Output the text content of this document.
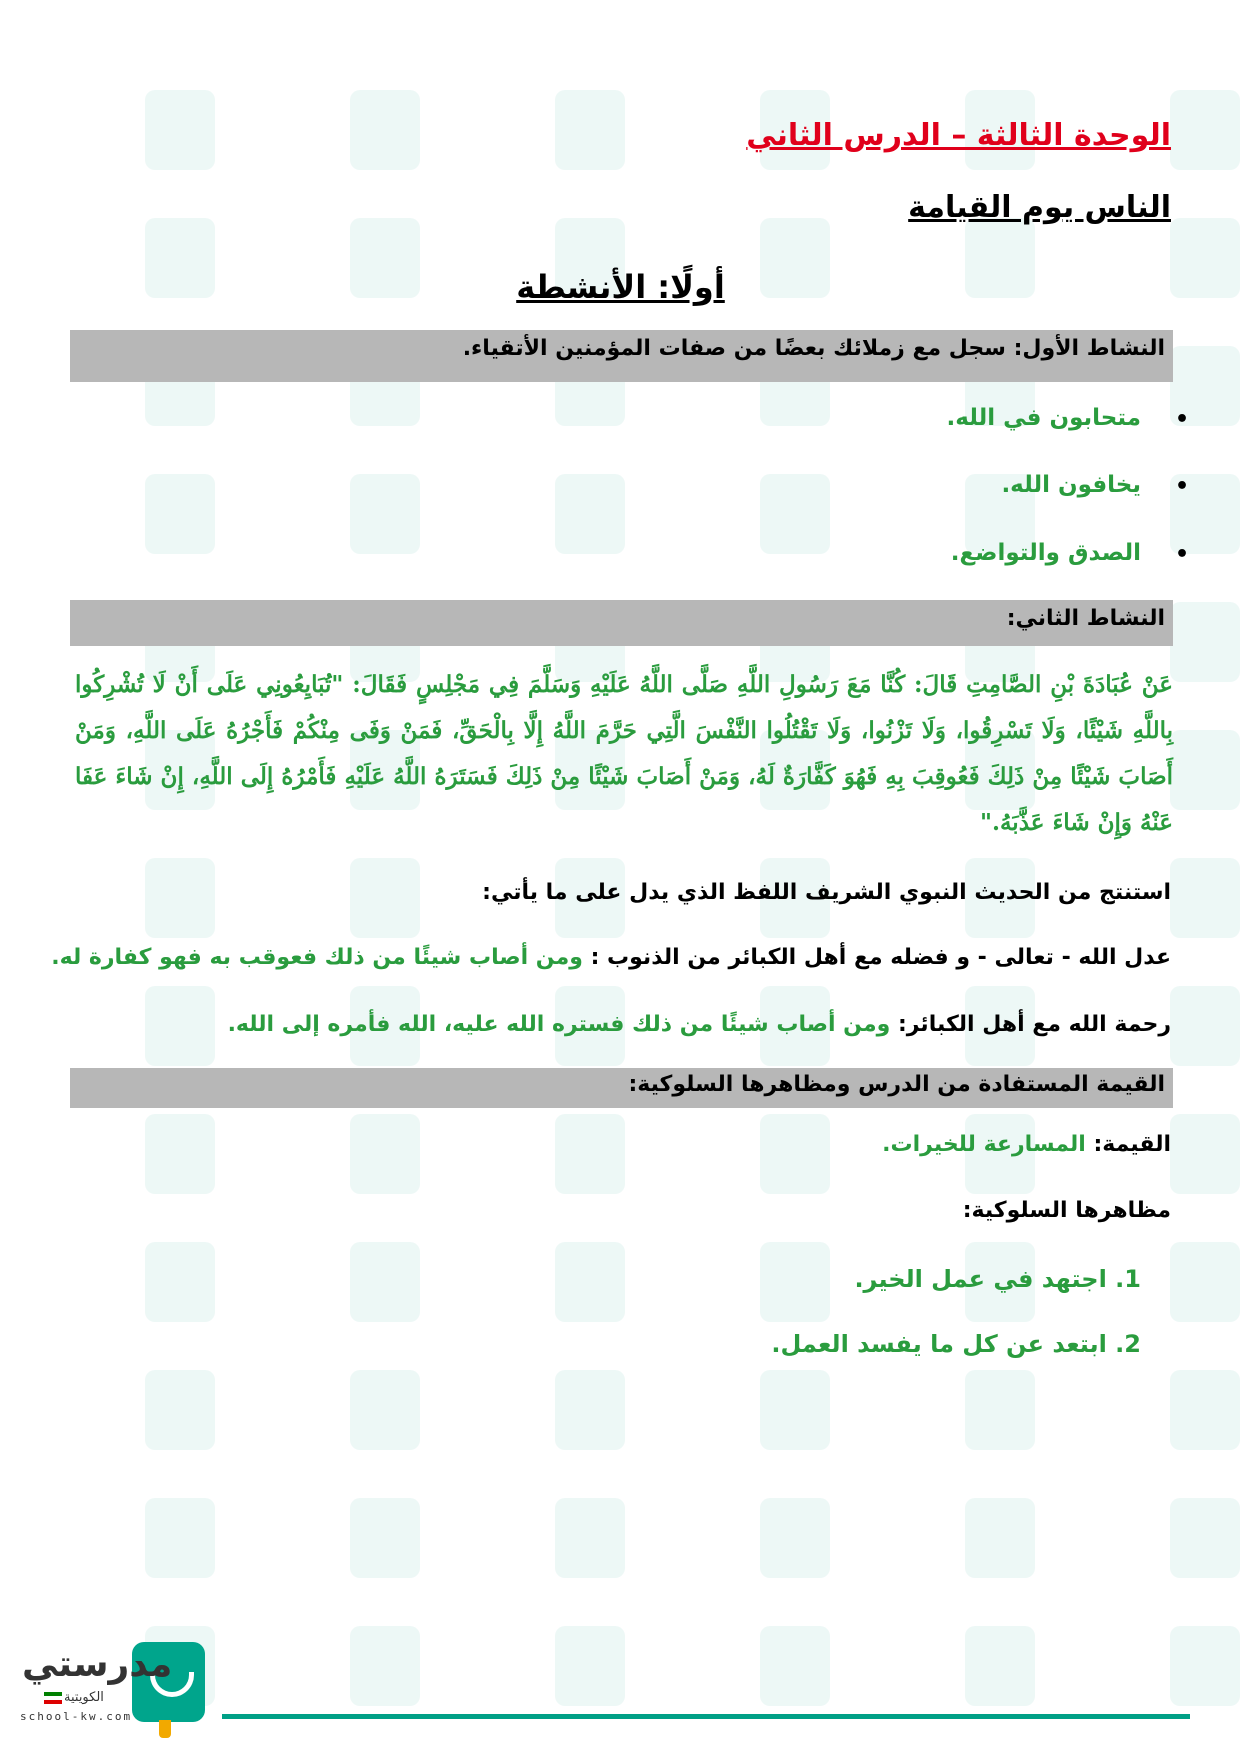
الوحدة الثالثة – الدرس الثاني
الناس يوم القيامة
أولًا: الأنشطة
النشاط الأول: سجل مع زملائك بعضًا من صفات المؤمنين الأتقياء.
•
متحابون في الله.
•
يخافون الله.
•
الصدق والتواضع.
النشاط الثاني:
عَنْ عُبَادَةَ بْنِ الصَّامِتِ قَالَ: كُنَّا مَعَ رَسُولِ اللَّهِ صَلَّى اللَّهُ عَلَيْهِ وَسَلَّمَ فِي مَجْلِسٍ فَقَالَ: "تُبَايِعُونِي عَلَى أَنْ لَا تُشْرِكُوا بِاللَّهِ شَيْئًا، وَلَا تَسْرِقُوا، وَلَا تَزْنُوا، وَلَا تَقْتُلُوا النَّفْسَ الَّتِي حَرَّمَ اللَّهُ إِلَّا بِالْحَقِّ، فَمَنْ وَفَى مِنْكُمْ فَأَجْرُهُ عَلَى اللَّهِ، وَمَنْ أَصَابَ شَيْئًا مِنْ ذَلِكَ فَعُوقِبَ بِهِ فَهُوَ كَفَّارَةٌ لَهُ، وَمَنْ أَصَابَ شَيْئًا مِنْ ذَلِكَ فَسَتَرَهُ اللَّهُ عَلَيْهِ فَأَمْرُهُ إِلَى اللَّهِ، إِنْ شَاءَ عَفَا عَنْهُ وَإِنْ شَاءَ عَذَّبَهُ."
استنتج من الحديث النبوي الشريف اللفظ الذي يدل على ما يأتي:
عدل الله - تعالى - و فضله مع أهل الكبائر من الذنوب : ومن أصاب شيئًا من ذلك فعوقب به فهو كفارة له.
رحمة الله مع أهل الكبائر: ومن أصاب شيئًا من ذلك فستره الله عليه، الله فأمره إلى الله.
القيمة المستفادة من الدرس ومظاهرها السلوكية:
القيمة: المسارعة للخيرات.
مظاهرها السلوكية:
1. اجتهد في عمل الخير.
2. ابتعد عن كل ما يفسد العمل.
مدرستي
الكويتية
school-kw.com
